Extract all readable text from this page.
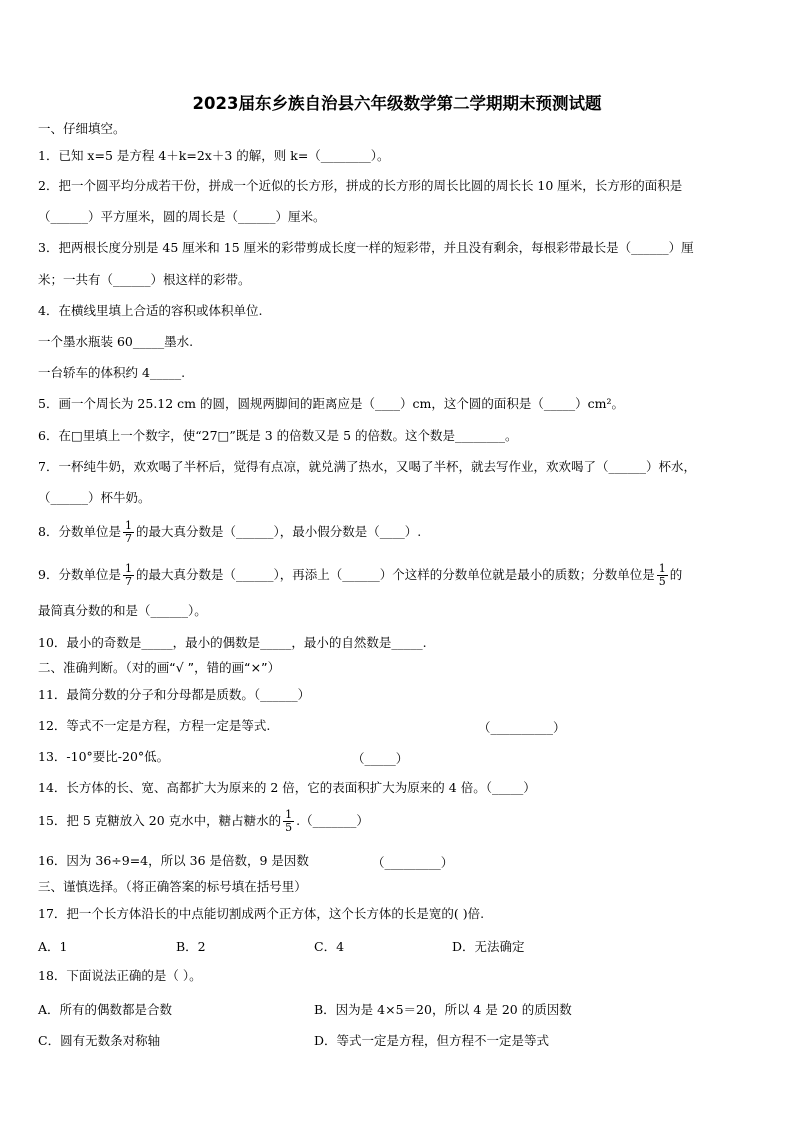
2023届东乡族自治县六年级数学第二学期期末预测试题
一、仔细填空。
1．已知 x=5 是方程 4＋k=2x＋3 的解，则 k=（________）。
2．把一个圆平均分成若干份，拼成一个近似的长方形，拼成的长方形的周长比圆的周长长 10 厘米，长方形的面积是
（______）平方厘米，圆的周长是（______）厘米。
3．把两根长度分别是 45 厘米和 15 厘米的彩带剪成长度一样的短彩带，并且没有剩余，每根彩带最长是（______）厘
米；一共有（______）根这样的彩带。
4．在横线里填上合适的容积或体积单位.
一个墨水瓶装 60_____墨水.
一台轿车的体积约 4_____.
5．画一个周长为 25.12 cm 的圆，圆规两脚间的距离应是（____）cm，这个圆的面积是（_____）cm²。
6．在□里填上一个数字，使“27□”既是 3 的倍数又是 5 的倍数。这个数是________。
7．一杯纯牛奶，欢欢喝了半杯后，觉得有点凉，就兑满了热水，又喝了半杯，就去写作业，欢欢喝了（______）杯水，
（______）杯牛奶。
8．分数单位是 $\frac{1}{7}$ 的最大真分数是（______），最小假分数是（____）.
9．分数单位是 $\frac{1}{7}$ 的最大真分数是（______），再添上（______）个这样的分数单位就是最小的质数；分数单位是 $\frac{1}{5}$ 的
最简真分数的和是（______）。
10．最小的奇数是_____，最小的偶数是_____，最小的自然数是_____.
二、准确判断。（对的画“√ ”，错的画“×”）
11．最简分数的分子和分母都是质数。（______）
12．等式不一定是方程，方程一定是等式.	（__________）
13．-10°要比-20°低。	（_____）
14．长方体的长、宽、高都扩大为原来的 2 倍，它的表面积扩大为原来的 4 倍。（_____）
15．把 5 克糖放入 20 克水中，糖占糖水的 $\frac{1}{5}$ .（_______）
16．因为 36÷9=4，所以 36 是倍数，9 是因数	（_________）
三、谨慎选择。（将正确答案的标号填在括号里）
17．把一个长方体沿长的中点能切割成两个正方体，这个长方体的长是宽的( )倍.
A．1	B．2	C．4	D．无法确定
18．下面说法正确的是（ ）。
A．所有的偶数都是合数	B．因为是 4×5＝20，所以 4 是 20 的质因数
C．圆有无数条对称轴	D．等式一定是方程，但方程不一定是等式
